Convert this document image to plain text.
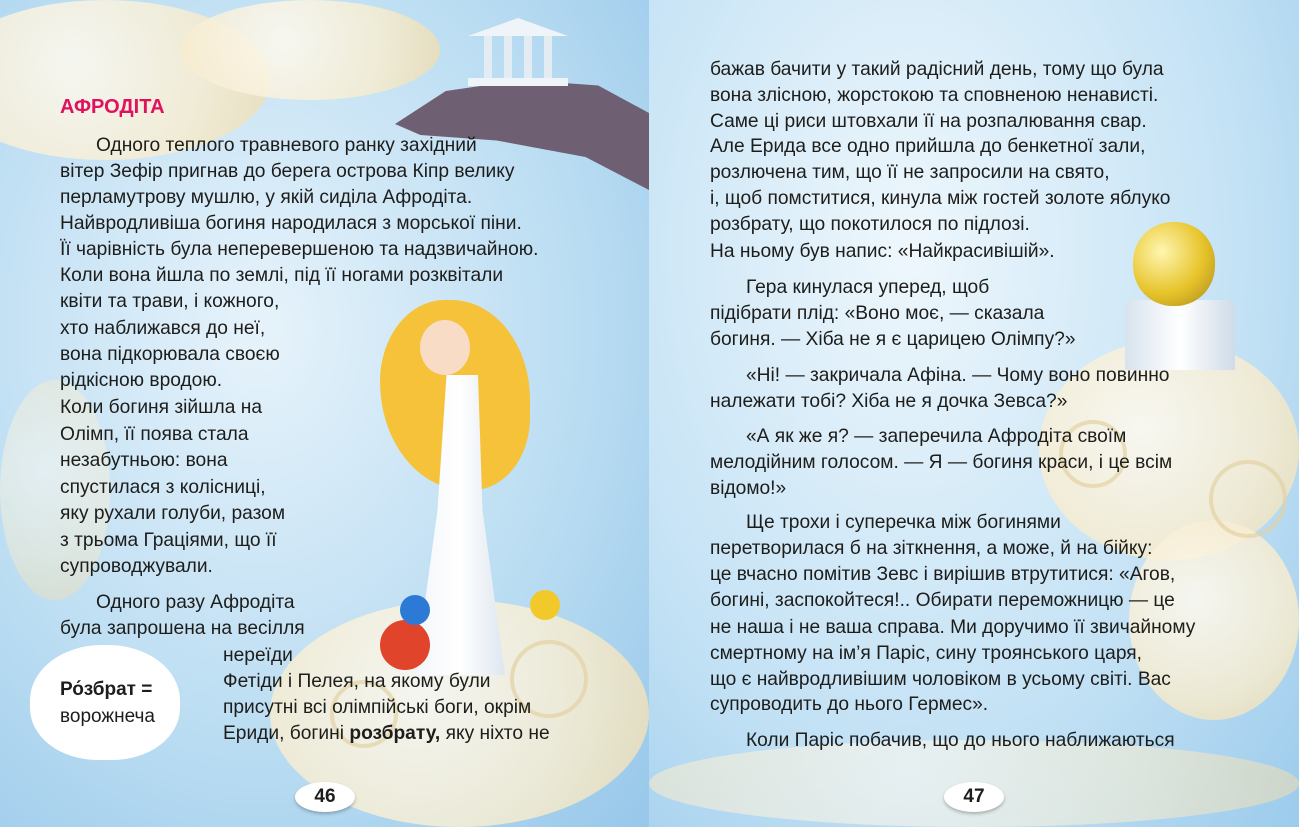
АФРОДІТА
Одного теплого травневого ранку західний
вітер Зефір пригнав до берега острова Кіпр велику
перламутрову мушлю, у якій сиділа Афродіта.
Найвродливіша богиня народилася з морської піни.
Її чарівність була неперевершеною та надзвичайною.
Коли вона йшла по землі, під її ногами розквітали
квіти та трави, і кожного,
хто наближався до неї,
вона підкорювала своєю
рідкісною вродою.
Коли богиня зійшла на
Олімп, її поява стала
незабутньою: вона
спустилася з колісниці,
яку рухали голуби, разом
з трьома Граціями, що її
супроводжували.
Одного разу Афродіта
була запрошена на весілля
нереїди
Фетіди і Пелея, на якому були
присутні всі олімпійські боги, окрім
Ериди, богині розбрату, яку ніхто не
Ро́збрат =
ворожнеча
46
бажав бачити у такий радісний день, тому що була
вона злісною, жорстокою та сповненою ненависті.
Саме ці риси штовхали її на розпалювання свар.
Але Ерида все одно прийшла до бенкетної зали,
розлючена тим, що її не запросили на свято,
і, щоб помститися, кинула між гостей золоте яблуко
розбрату, що покотилося по підлозі.
На ньому був напис: «Найкрасивішій».
Гера кинулася уперед, щоб
підібрати плід: «Воно моє, — сказала
богиня. — Хіба не я є царицею Олімпу?»
«Ні! — закричала Афіна. — Чому воно повинно
належати тобі? Хіба не я дочка Зевса?»
«А як же я? — заперечила Афродіта своїм
мелодійним голосом. — Я — богиня краси, і це всім
відомо!»
Ще трохи і суперечка між богинями
перетворилася б на зіткнення, а може, й на бійку:
це вчасно помітив Зевс і вирішив втрутитися: «Агов,
богині, заспокойтеся!.. Обирати переможницю — це
не наша і не ваша справа. Ми доручимо її звичайному
смертному на ім’я Паріс, сину троянського царя,
що є найвродливішим чоловіком в усьому світі. Вас
супроводить до нього Гермес».
Коли Паріс побачив, що до нього наближаються
47
